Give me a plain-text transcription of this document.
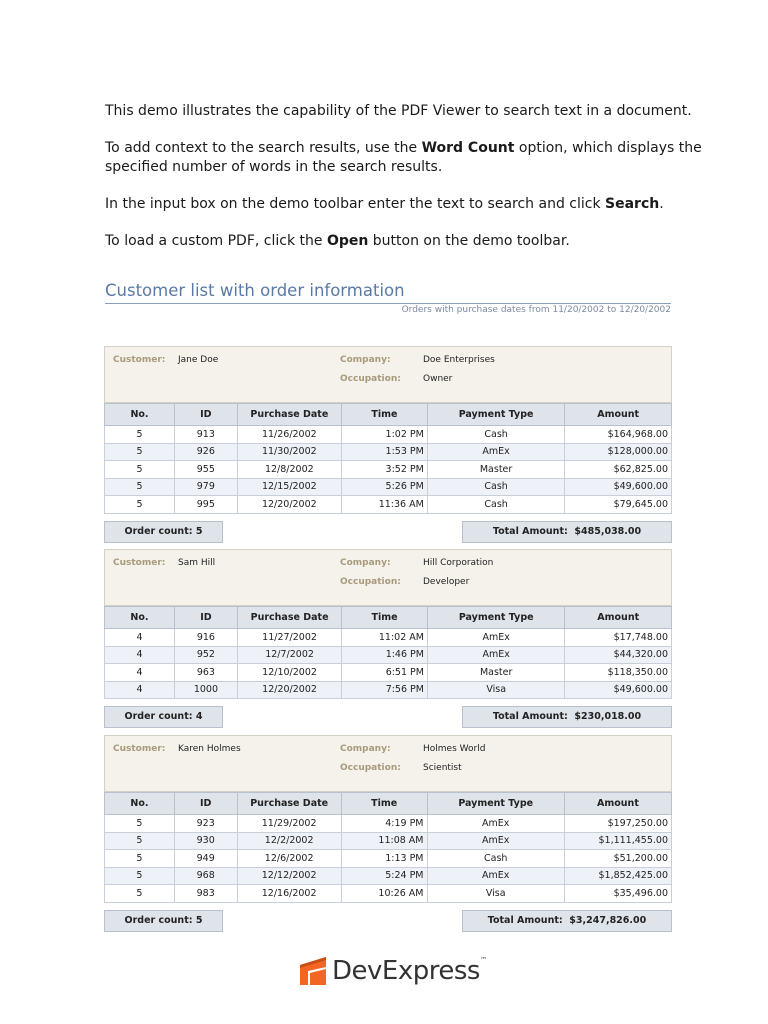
This demo illustrates the capability of the PDF Viewer to search text in a document.

To add context to the search results, use the Word Count option, which displays the specified number of words in the search results.

In the input box on the demo toolbar enter the text to search and click Search.

To load a custom PDF, click the Open button on the demo toolbar.

Customer list with order information
Orders with purchase dates from 11/20/2002 to 12/20/2002
Customer: Jane Doe	Company:	Doe Enterprises
Occupation: Owner
No.	ID	Purchase Date	Time	Payment Type	Amount
5	913	11/26/2002	1:02 PM	Cash	$164,968.00
5	926	11/30/2002	1:53 PM	AmEx	$128,000.00
5	955	12/8/2002	3:52 PM	Master	$62,825.00
5	979	12/15/2002	5:26 PM	Cash	$49,600.00
5	995	12/20/2002	11:36 AM	Cash	$79,645.00
Order count: 5	Total Amount: $485,038.00
Customer: Sam Hill	Company:	Hill Corporation
Occupation: Developer
No.	ID	Purchase Date	Time	Payment Type	Amount
4	916	11/27/2002	11:02 AM	AmEx	$17,748.00
4	952	12/7/2002	1:46 PM	AmEx	$44,320.00
4	963	12/10/2002	6:51 PM	Master	$118,350.00
4	1000	12/20/2002	7:56 PM	Visa	$49,600.00
Order count: 4	Total Amount: $230,018.00
Customer: Karen Holmes	Company:	Holmes World
Occupation: Scientist
No.	ID	Purchase Date	Time	Payment Type	Amount
5	923	11/29/2002	4:19 PM	AmEx	$197,250.00
5	930	12/2/2002	11:08 AM	AmEx	$1,111,455.00
5	949	12/6/2002	1:13 PM	Cash	$51,200.00
5	968	12/12/2002	5:24 PM	AmEx	$1,852,425.00
5	983	12/16/2002	10:26 AM	Visa	$35,496.00
Order count: 5	Total Amount: $3,247,826.00
DevExpress™
